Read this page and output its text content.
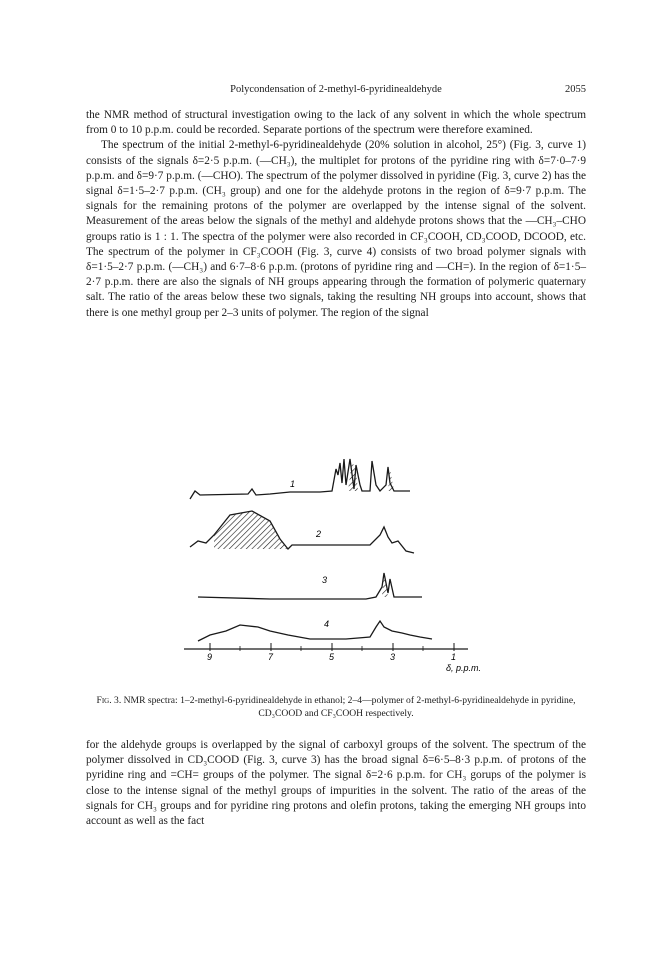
Polycondensation of 2-methyl-6-pyridinealdehyde	2055

the NMR method of structural investigation owing to the lack of any solvent in which the whole spectrum from 0 to 10 p.p.m. could be recorded. Separate portions of the spectrum were therefore examined.

The spectrum of the initial 2-methyl-6-pyridinealdehyde (20% solution in alcohol, 25°) (Fig. 3, curve 1) consists of the signals δ=2·5 p.p.m. (—CH₃), the multiplet for protons of the pyridine ring with δ=7·0–7·9 p.p.m. and δ=9·7 p.p.m. (—CHO). The spectrum of the polymer dissolved in pyridine (Fig. 3, curve 2) has the signal δ=1·5–2·7 p.p.m. (CH₃ group) and one for the aldehyde protons in the region of δ=9·7 p.p.m. The signals for the remaining protons of the polymer are overlapped by the intense signal of the solvent. Measurement of the areas below the signals of the methyl and aldehyde protons shows that the —CH₃–CHO groups ratio is 1 : 1. The spectra of the polymer were also recorded in CF₃COOH, CD₃COOD, DCOOD, etc. The spectrum of the polymer in CF₃COOH (Fig. 3, curve 4) consists of two broad polymer signals with δ=1·5–2·7 p.p.m. (—CH₃) and 6·7–8·6 p.p.m. (protons of pyridine ring and —CH=). In the region of δ=1·5–2·7 p.p.m. there are also the signals of NH groups appearing through the formation of polymeric quaternary salt. The ratio of the areas below these two signals, taking the resulting NH groups into account, shows that there is one methyl group per 2–3 units of polymer. The region of the signal

1
2
3
4
9	7	5	3	1
δ, p.p.m.
Fig. 3. NMR spectra: 1–2-methyl-6-pyridinealdehyde in ethanol; 2–4—polymer of 2-methyl-6-pyridinealdehyde in pyridine, CD₃COOD and CF₃COOH respectively.

for the aldehyde groups is overlapped by the signal of carboxyl groups of the solvent. The spectrum of the polymer dissolved in CD₃COOD (Fig. 3, curve 3) has the broad signal δ=6·5–8·3 p.p.m. of protons of the pyridine ring and =CH= groups of the polymer. The signal δ=2·6 p.p.m. for CH₃ gorups of the polymer is close to the intense signal of the methyl groups of impurities in the solvent. The ratio of the areas of the signals for CH₃ groups and for pyridine ring protons and olefin protons, taking the emerging NH groups into account as well as the fact
